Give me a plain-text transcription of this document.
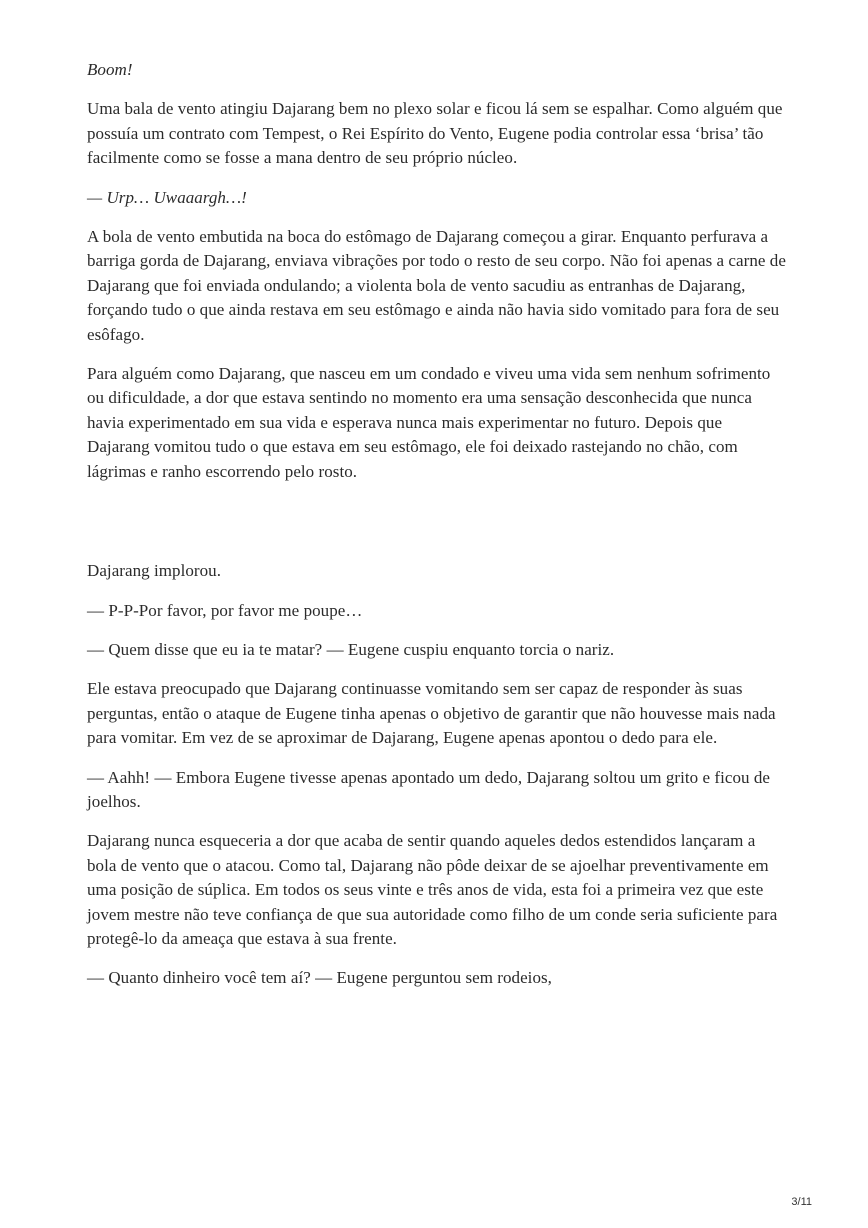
Boom!

Uma bala de vento atingiu Dajarang bem no plexo solar e ficou lá sem se espalhar. Como alguém que possuía um contrato com Tempest, o Rei Espírito do Vento, Eugene podia controlar essa ‘brisa’ tão facilmente como se fosse a mana dentro de seu próprio núcleo.

— Urp… Uwaaargh…!

A bola de vento embutida na boca do estômago de Dajarang começou a girar. Enquanto perfurava a barriga gorda de Dajarang, enviava vibrações por todo o resto de seu corpo. Não foi apenas a carne de Dajarang que foi enviada ondulando; a violenta bola de vento sacudiu as entranhas de Dajarang, forçando tudo o que ainda restava em seu estômago e ainda não havia sido vomitado para fora de seu esôfago.

Para alguém como Dajarang, que nasceu em um condado e viveu uma vida sem nenhum sofrimento ou dificuldade, a dor que estava sentindo no momento era uma sensação desconhecida que nunca havia experimentado em sua vida e esperava nunca mais experimentar no futuro. Depois que Dajarang vomitou tudo o que estava em seu estômago, ele foi deixado rastejando no chão, com lágrimas e ranho escorrendo pelo rosto.

Dajarang implorou.

— P-P-Por favor, por favor me poupe…

— Quem disse que eu ia te matar? — Eugene cuspiu enquanto torcia o nariz.

Ele estava preocupado que Dajarang continuasse vomitando sem ser capaz de responder às suas perguntas, então o ataque de Eugene tinha apenas o objetivo de garantir que não houvesse mais nada para vomitar. Em vez de se aproximar de Dajarang, Eugene apenas apontou o dedo para ele.

— Aahh! — Embora Eugene tivesse apenas apontado um dedo, Dajarang soltou um grito e ficou de joelhos.

Dajarang nunca esqueceria a dor que acaba de sentir quando aqueles dedos estendidos lançaram a bola de vento que o atacou. Como tal, Dajarang não pôde deixar de se ajoelhar preventivamente em uma posição de súplica. Em todos os seus vinte e três anos de vida, esta foi a primeira vez que este jovem mestre não teve confiança de que sua autoridade como filho de um conde seria suficiente para protegê-lo da ameaça que estava à sua frente.

— Quanto dinheiro você tem aí? — Eugene perguntou sem rodeios,

3/11
